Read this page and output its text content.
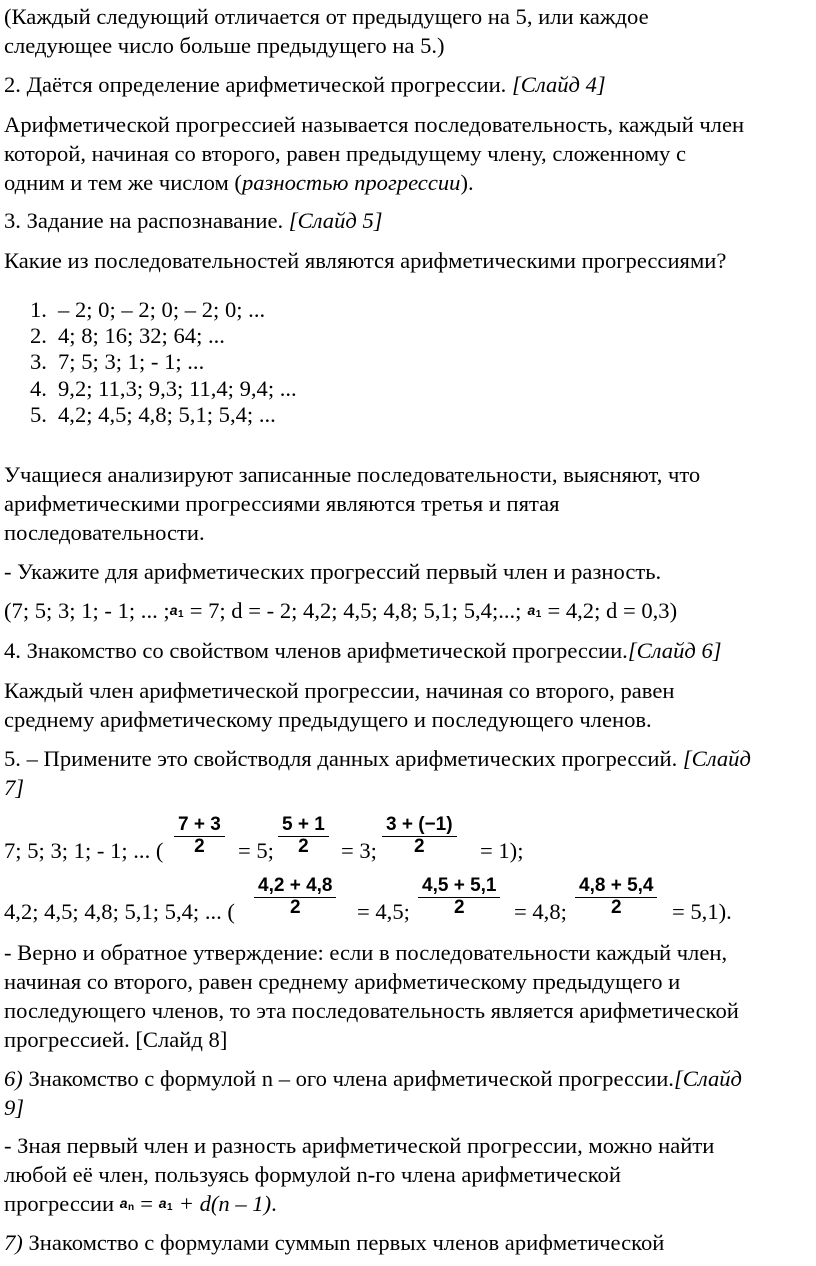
(Каждый следующий отличается от предыдущего на 5, или каждое

следующее число больше предыдущего на 5.)

2. Даётся определение арифметической прогрессии. [Слайд 4]

Арифметической прогрессией называется последовательность, каждый член

которой, начиная со второго, равен предыдущему члену, сложенному с

одним и тем же числом (разностью прогрессии).

3. Задание на распознавание. [Слайд 5]

Какие из последовательностей являются арифметическими прогрессиями?

1. – 2; 0; – 2; 0; – 2; 0; ...
2. 4; 8; 16; 32; 64; ...
3. 7; 5; 3; 1; - 1; ...
4. 9,2; 11,3; 9,3; 11,4; 9,4; ...
5. 4,2; 4,5; 4,8; 5,1; 5,4; ...

Учащиеся анализируют записанные последовательности, выясняют, что

арифметическими прогрессиями являются третья и пятая

последовательности.

- Укажите для арифметических прогрессий первый член и разность.

(7; 5; 3; 1; - 1; ... $;a_1 = 7$; d = - 2; 4,2; 4,5; 4,8; 5,1; 5,4;...; $a_1 = 4,2$; d = 0,3)

4. Знакомство со свойством членов арифметической прогрессии.[Слайд 6]

Каждый член арифметической прогрессии, начиная со второго, равен

среднему арифметическому предыдущего и последующего членов.

5. – Примените это свойстводля данных арифметических прогрессий. [Слайд

7]

7; 5; 3; 1; - 1; ... (
7 + 3
2	= 5;
5 + 1
2	= 3;
3 + (−1)
2	= 1);
4,2; 4,5; 4,8; 5,1; 5,4; ... (
4,2 + 4,8
2	= 4,5;
4,5 + 5,1
2	= 4,8;
4,8 + 5,4
2	= 5,1).

- Верно и обратное утверждение: если в последовательности каждый член,

начиная со второго, равен среднему арифметическому предыдущего и

последующего членов, то эта последовательность является арифметической

прогрессией. [Слайд 8]

6) Знакомство с формулой n – ого члена арифметической прогрессии.[Слайд

9]

- Зная первый член и разность арифметической прогрессии, можно найти

любой её член, пользуясь формулой n-го члена арифметической

прогрессии $a_n = a_1 + d(n - 1)$.

7) Знакомство с формулами суммыn первых членов арифметической
